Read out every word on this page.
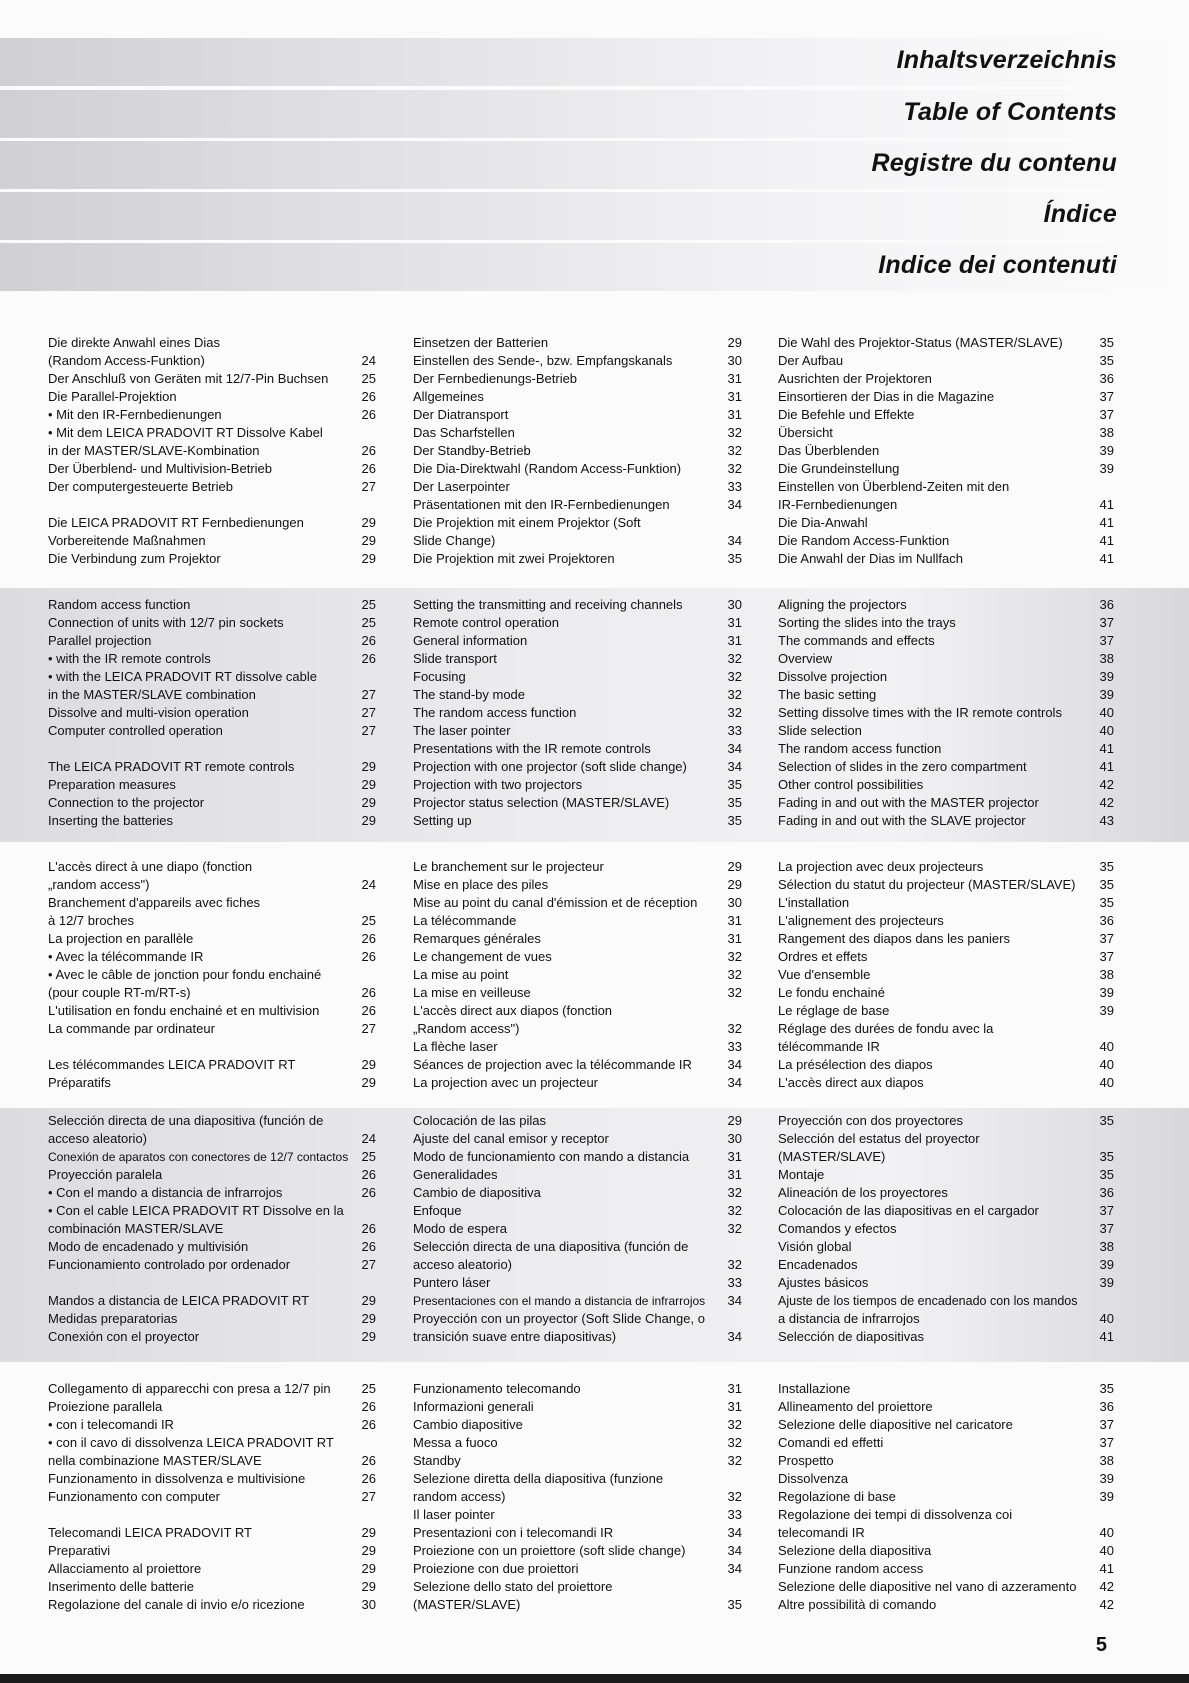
Inhaltsverzeichnis
Table of Contents
Registre du contenu
Índice
Indice dei contenuti
Die direkte Anwahl eines Dias
(Random Access-Funktion)	24
Der Anschluß von Geräten mit 12/7-Pin Buchsen	25
Die Parallel-Projektion	26
• Mit den IR-Fernbedienungen	26
• Mit dem LEICA PRADOVIT RT Dissolve Kabel
in der MASTER/SLAVE-Kombination	26
Der Überblend- und Multivision-Betrieb	26
Der computergesteuerte Betrieb	27
Die LEICA PRADOVIT RT Fernbedienungen	29
Vorbereitende Maßnahmen	29
Die Verbindung zum Projektor	29
Einsetzen der Batterien	29
Einstellen des Sende-, bzw. Empfangskanals	30
Der Fernbedienungs-Betrieb	31
Allgemeines	31
Der Diatransport	31
Das Scharfstellen	32
Der Standby-Betrieb	32
Die Dia-Direktwahl (Random Access-Funktion)	32
Der Laserpointer	33
Präsentationen mit den IR-Fernbedienungen	34
Die Projektion mit einem Projektor (Soft
Slide Change)	34
Die Projektion mit zwei Projektoren	35
Die Wahl des Projektor-Status (MASTER/SLAVE)	35
Der Aufbau	35
Ausrichten der Projektoren	36
Einsortieren der Dias in die Magazine	37
Die Befehle und Effekte	37
Übersicht	38
Das Überblenden	39
Die Grundeinstellung	39
Einstellen von Überblend-Zeiten mit den
IR-Fernbedienungen	41
Die Dia-Anwahl	41
Die Random Access-Funktion	41
Die Anwahl der Dias im Nullfach	41
Random access function	25
Connection of units with 12/7 pin sockets	25
Parallel projection	26
• with the IR remote controls	26
• with the LEICA PRADOVIT RT dissolve cable
in the MASTER/SLAVE combination	27
Dissolve and multi-vision operation	27
Computer controlled operation	27
The LEICA PRADOVIT RT remote controls	29
Preparation measures	29
Connection to the projector	29
Inserting the batteries	29
Setting the transmitting and receiving channels	30
Remote control operation	31
General information	31
Slide transport	32
Focusing	32
The stand-by mode	32
The random access function	32
The laser pointer	33
Presentations with the IR remote controls	34
Projection with one projector (soft slide change)	34
Projection with two projectors	35
Projector status selection (MASTER/SLAVE)	35
Setting up	35
Aligning the projectors	36
Sorting the slides into the trays	37
The commands and effects	37
Overview	38
Dissolve projection	39
The basic setting	39
Setting dissolve times with the IR remote controls	40
Slide selection	40
The random access function	41
Selection of slides in the zero compartment	41
Other control possibilities	42
Fading in and out with the MASTER projector	42
Fading in and out with the SLAVE projector	43
L'accès direct à une diapo (fonction
„random access")	24
Branchement d'appareils avec fiches
à 12/7 broches	25
La projection en parallèle	26
• Avec la télécommande IR	26
• Avec le câble de jonction pour fondu enchainé
(pour couple RT-m/RT-s)	26
L'utilisation en fondu enchainé et en multivision	26
La commande par ordinateur	27
Les télécommandes LEICA PRADOVIT RT	29
Préparatifs	29
Le branchement sur le projecteur	29
Mise en place des piles	29
Mise au point du canal d'émission et de réception	30
La télécommande	31
Remarques générales	31
Le changement de vues	32
La mise au point	32
La mise en veilleuse	32
L'accès direct aux diapos (fonction
„Random access")	32
La flèche laser	33
Séances de projection avec la télécommande IR	34
La projection avec un projecteur	34
La projection avec deux projecteurs	35
Sélection du statut du projecteur (MASTER/SLAVE)	35
L'installation	35
L'alignement des projecteurs	36
Rangement des diapos dans les paniers	37
Ordres et effets	37
Vue d'ensemble	38
Le fondu enchainé	39
Le réglage de base	39
Réglage des durées de fondu avec la
télécommande IR	40
La présélection des diapos	40
L'accès direct aux diapos	40
Selección directa de una diapositiva (función de
acceso aleatorio)	24
Conexión de aparatos con conectores de 12/7 contactos	25
Proyección paralela	26
• Con el mando a distancia de infrarrojos	26
• Con el cable LEICA PRADOVIT RT Dissolve en la
combinación MASTER/SLAVE	26
Modo de encadenado y multivisión	26
Funcionamiento controlado por ordenador	27
Mandos a distancia de LEICA PRADOVIT RT	29
Medidas preparatorias	29
Conexión con el proyector	29
Colocación de las pilas	29
Ajuste del canal emisor y receptor	30
Modo de funcionamiento con mando a distancia	31
Generalidades	31
Cambio de diapositiva	32
Enfoque	32
Modo de espera	32
Selección directa de una diapositiva (función de
acceso aleatorio)	32
Puntero láser	33
Presentaciones con el mando a distancia de infrarrojos	34
Proyección con un proyector (Soft Slide Change, o
transición suave entre diapositivas)	34
Proyección con dos proyectores	35
Selección del estatus del proyector
(MASTER/SLAVE)	35
Montaje	35
Alineación de los proyectores	36
Colocación de las diapositivas en el cargador	37
Comandos y efectos	37
Visión global	38
Encadenados	39
Ajustes básicos	39
Ajuste de los tiempos de encadenado con los mandos
a distancia de infrarrojos	40
Selección de diapositivas	41
Collegamento di apparecchi con presa a 12/7 pin	25
Proiezione parallela	26
• con i telecomandi IR	26
• con il cavo di dissolvenza LEICA PRADOVIT RT
nella combinazione MASTER/SLAVE	26
Funzionamento in dissolvenza e multivisione	26
Funzionamento con computer	27
Telecomandi LEICA PRADOVIT RT	29
Preparativi	29
Allacciamento al proiettore	29
Inserimento delle batterie	29
Regolazione del canale di invio e/o ricezione	30
Funzionamento telecomando	31
Informazioni generali	31
Cambio diapositive	32
Messa a fuoco	32
Standby	32
Selezione diretta della diapositiva (funzione
random access)	32
Il laser pointer	33
Presentazioni con i telecomandi IR	34
Proiezione con un proiettore (soft slide change)	34
Proiezione con due proiettori	34
Selezione dello stato del proiettore
(MASTER/SLAVE)	35
Installazione	35
Allineamento del proiettore	36
Selezione delle diapositive nel caricatore	37
Comandi ed effetti	37
Prospetto	38
Dissolvenza	39
Regolazione di base	39
Regolazione dei tempi di dissolvenza coi
telecomandi IR	40
Selezione della diapositiva	40
Funzione random access	41
Selezione delle diapositive nel vano di azzeramento	42
Altre possibilità di comando	42
5
